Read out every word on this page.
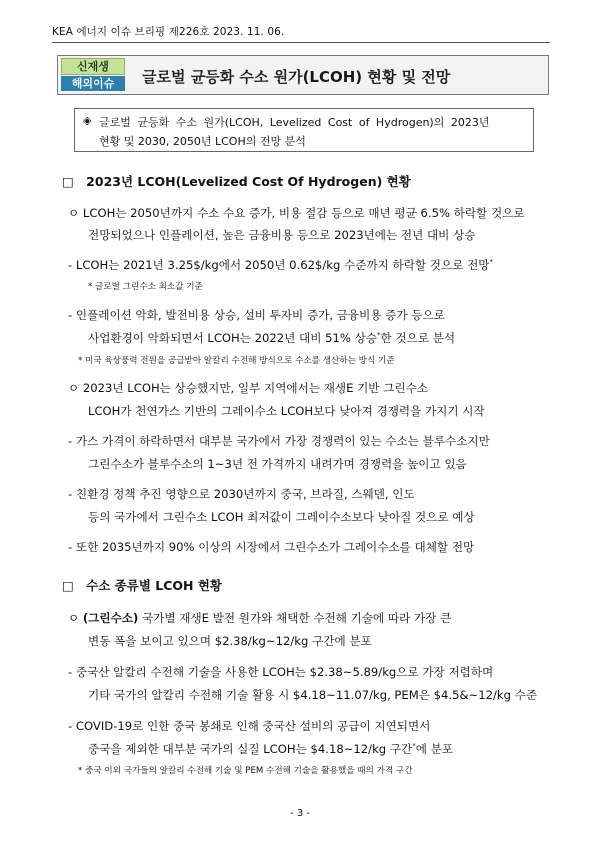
KEA 에너지 이슈 브리핑 제226호 2023. 11. 06.
신재생
해외이슈	글로벌 균등화 수소 원가(LCOH) 현황 및 전망
◈ 글로벌 균등화 수소 원가(LCOH, Levelized Cost of Hydrogen)의 2023년
현황 및 2030, 2050년 LCOH의 전망 분석
□ 2023년 LCOH(Levelized Cost Of Hydrogen) 현황
ㅇ LCOH는 2050년까지 수소 수요 증가, 비용 절감 등으로 매년 평균 6.5% 하락할 것으로
전망되었으나 인플레이션, 높은 금융비용 등으로 2023년에는 전년 대비 상승
- LCOH는 2021년 3.25$/kg에서 2050년 0.62$/kg 수준까지 하락할 것으로 전망*
* 글로벌 그린수소 최소값 기준
- 인플레이션 악화, 발전비용 상승, 설비 투자비 증가, 금융비용 증가 등으로
사업환경이 악화되면서 LCOH는 2022년 대비 51% 상승*한 것으로 분석
* 미국 육상풍력 전원을 공급받아 알칼리 수전해 방식으로 수소를 생산하는 방식 기준
ㅇ 2023년 LCOH는 상승했지만, 일부 지역에서는 재생E 기반 그린수소
LCOH가 천연가스 기반의 그레이수소 LCOH보다 낮아져 경쟁력을 가지기 시작
- 가스 가격이 하락하면서 대부분 국가에서 가장 경쟁력이 있는 수소는 블루수소지만
그린수소가 블루수소의 1~3년 전 가격까지 내려가며 경쟁력을 높이고 있음
- 친환경 정책 추진 영향으로 2030년까지 중국, 브라질, 스웨덴, 인도
등의 국가에서 그린수소 LCOH 최저값이 그레이수소보다 낮아질 것으로 예상
- 또한 2035년까지 90% 이상의 시장에서 그린수소가 그레이수소를 대체할 전망
□ 수소 종류별 LCOH 현황
ㅇ (그린수소) 국가별 재생E 발전 원가와 채택한 수전해 기술에 따라 가장 큰
변동 폭을 보이고 있으며 $2.38/kg~12/kg 구간에 분포
- 중국산 알칼리 수전해 기술을 사용한 LCOH는 $2.38~5.89/kg으로 가장 저렴하며
기타 국가의 알칼리 수전해 기술 활용 시 $4.18~11.07/kg, PEM은 $4.5&~12/kg 수준
- COVID-19로 인한 중국 봉쇄로 인해 중국산 설비의 공급이 지연되면서
중국을 제외한 대부분 국가의 실질 LCOH는 $4.18~12/kg 구간*에 분포
* 중국 이외 국가들의 알칼리 수전해 기술 및 PEM 수전해 기술을 활용했을 때의 가격 구간
- 3 -
